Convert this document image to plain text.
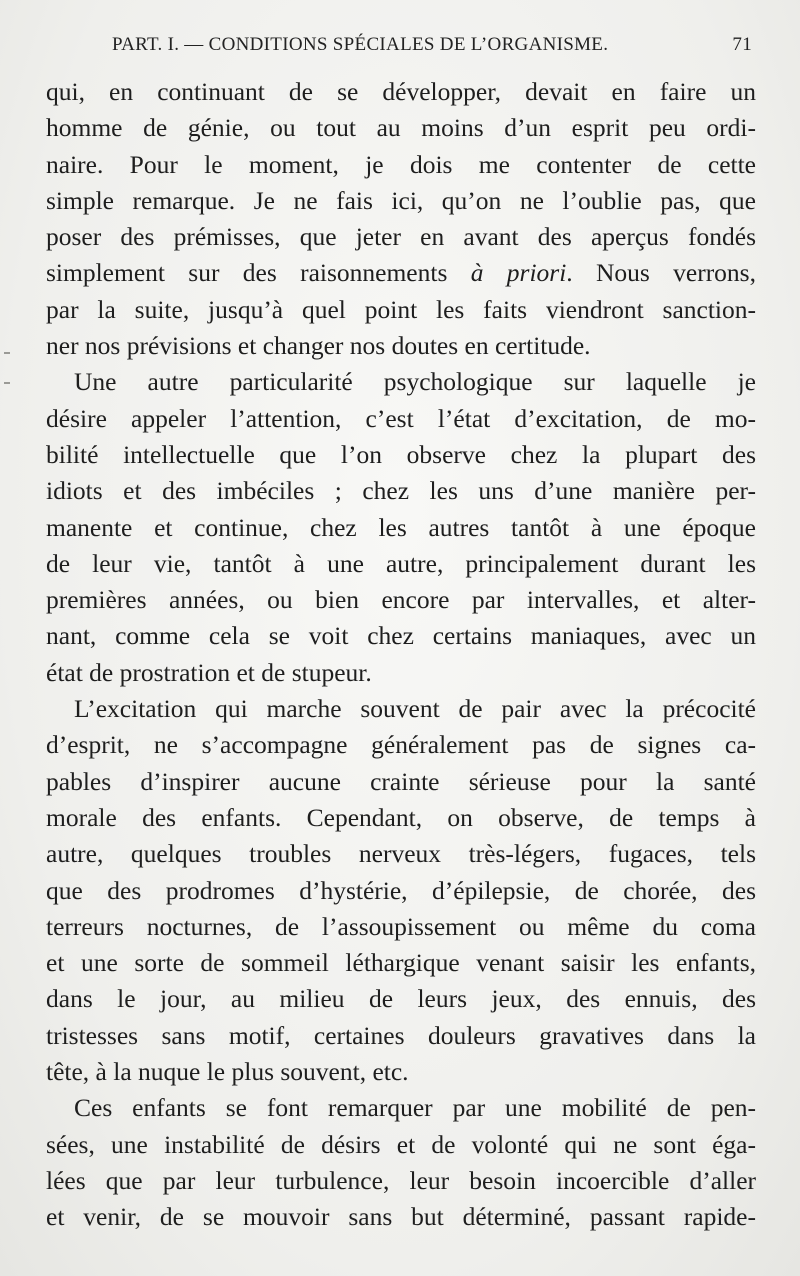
PART. I. — CONDITIONS SPÉCIALES DE L’ORGANISME.	71
qui, en continuant de se développer, devait en faire un
homme de génie, ou tout au moins d’un esprit peu ordi-
naire. Pour le moment, je dois me contenter de cette
simple remarque. Je ne fais ici, qu’on ne l’oublie pas, que
poser des prémisses, que jeter en avant des aperçus fondés
simplement sur des raisonnements à priori. Nous verrons,
par la suite, jusqu’à quel point les faits viendront sanction-
ner nos prévisions et changer nos doutes en certitude.
Une autre particularité psychologique sur laquelle je
désire appeler l’attention, c’est l’état d’excitation, de mo-
bilité intellectuelle que l’on observe chez la plupart des
idiots et des imbéciles ; chez les uns d’une manière per-
manente et continue, chez les autres tantôt à une époque
de leur vie, tantôt à une autre, principalement durant les
premières années, ou bien encore par intervalles, et alter-
nant, comme cela se voit chez certains maniaques, avec un
état de prostration et de stupeur.
L’excitation qui marche souvent de pair avec la précocité
d’esprit, ne s’accompagne généralement pas de signes ca-
pables d’inspirer aucune crainte sérieuse pour la santé
morale des enfants. Cependant, on observe, de temps à
autre, quelques troubles nerveux très-légers, fugaces, tels
que des prodromes d’hystérie, d’épilepsie, de chorée, des
terreurs nocturnes, de l’assoupissement ou même du coma
et une sorte de sommeil léthargique venant saisir les enfants,
dans le jour, au milieu de leurs jeux, des ennuis, des
tristesses sans motif, certaines douleurs gravatives dans la
tête, à la nuque le plus souvent, etc.
Ces enfants se font remarquer par une mobilité de pen-
sées, une instabilité de désirs et de volonté qui ne sont éga-
lées que par leur turbulence, leur besoin incoercible d’aller
et venir, de se mouvoir sans but déterminé, passant rapide-
